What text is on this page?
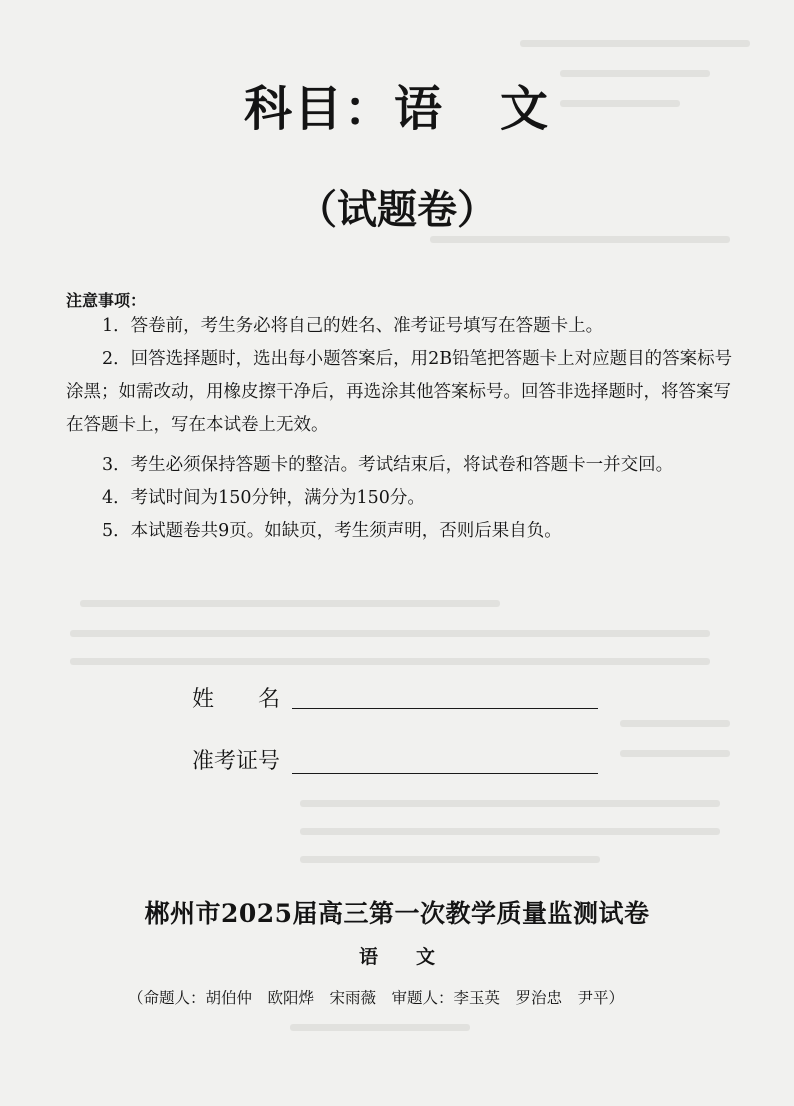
科目：语 文
（试题卷）
注意事项：
1．答卷前，考生务必将自己的姓名、准考证号填写在答题卡上。
2．回答选择题时，选出每小题答案后，用2B铅笔把答题卡上对应题目的答案标号涂黑；如需改动，用橡皮擦干净后，再选涂其他答案标号。回答非选择题时，将答案写在答题卡上，写在本试卷上无效。
3．考生必须保持答题卡的整洁。考试结束后，将试卷和答题卡一并交回。
4．考试时间为150分钟，满分为150分。
5．本试题卷共9页。如缺页，考生须声明，否则后果自负。
姓　　名
准考证号
郴州市2025届高三第一次教学质量监测试卷
语　　文
（命题人：胡伯仲　欧阳烨　宋雨薇　审题人：李玉英　罗治忠　尹平）
